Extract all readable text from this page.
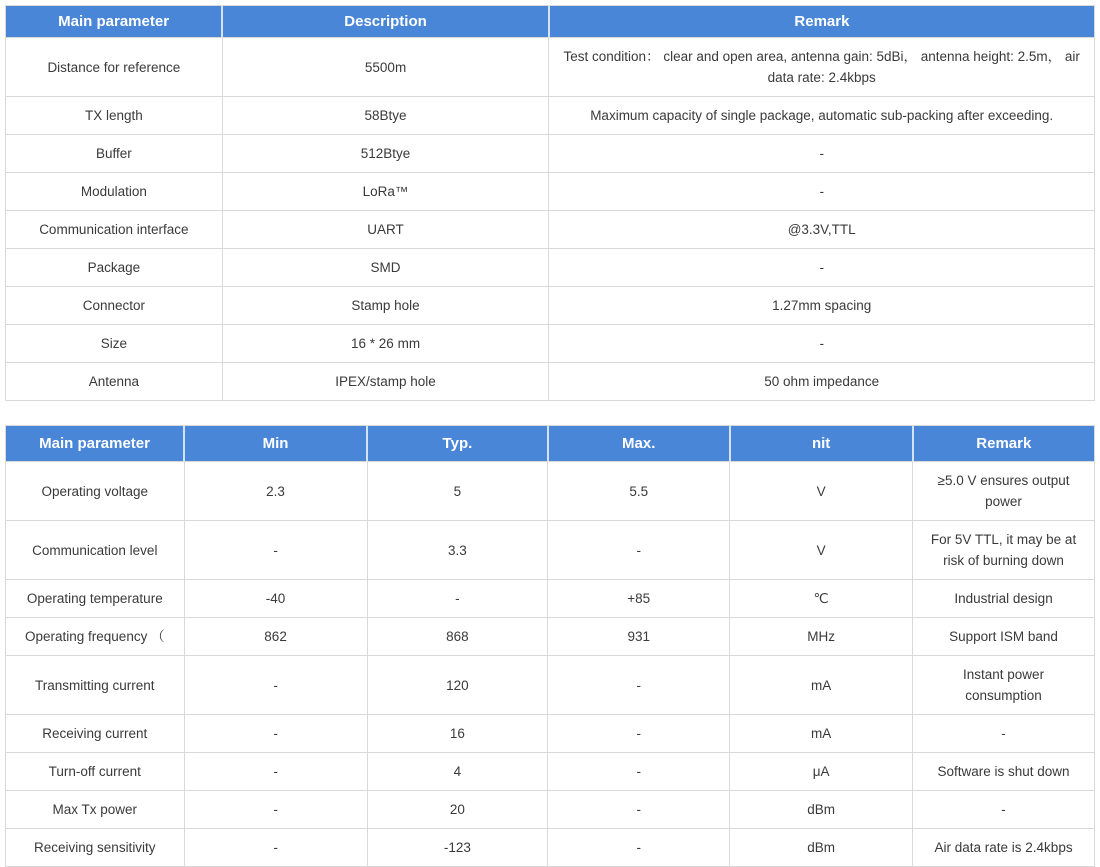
Main parameter	Description	Remark
Distance for reference	5500m	Test condition： clear and open area, antenna gain: 5dBi， antenna height: 2.5m， air data rate: 2.4kbps
TX length	58Btye	Maximum capacity of single package, automatic sub-packing after exceeding.
Buffer	512Btye	-
Modulation	LoRa™	-
Communication interface	UART	@3.3V,TTL
Package	SMD	-
Connector	Stamp hole	1.27mm spacing
Size	16 * 26 mm	-
Antenna	IPEX/stamp hole	50 ohm impedance
Main parameter	Min	Typ.	Max.	nit	Remark
Operating voltage	2.3	5	5.5	V	≥5.0 V ensures output power
Communication level	-	3.3	-	V	For 5V TTL, it may be at risk of burning down
Operating temperature	-40	-	+85	℃	Industrial design
Operating frequency （	862	868	931	MHz	Support ISM band
Transmitting current	-	120	-	mA	Instant power consumption
Receiving current	-	16	-	mA	-
Turn-off current	-	4	-	μA	Software is shut down
Max Tx power	-	20	-	dBm	-
Receiving sensitivity	-	-123	-	dBm	Air data rate is 2.4kbps
